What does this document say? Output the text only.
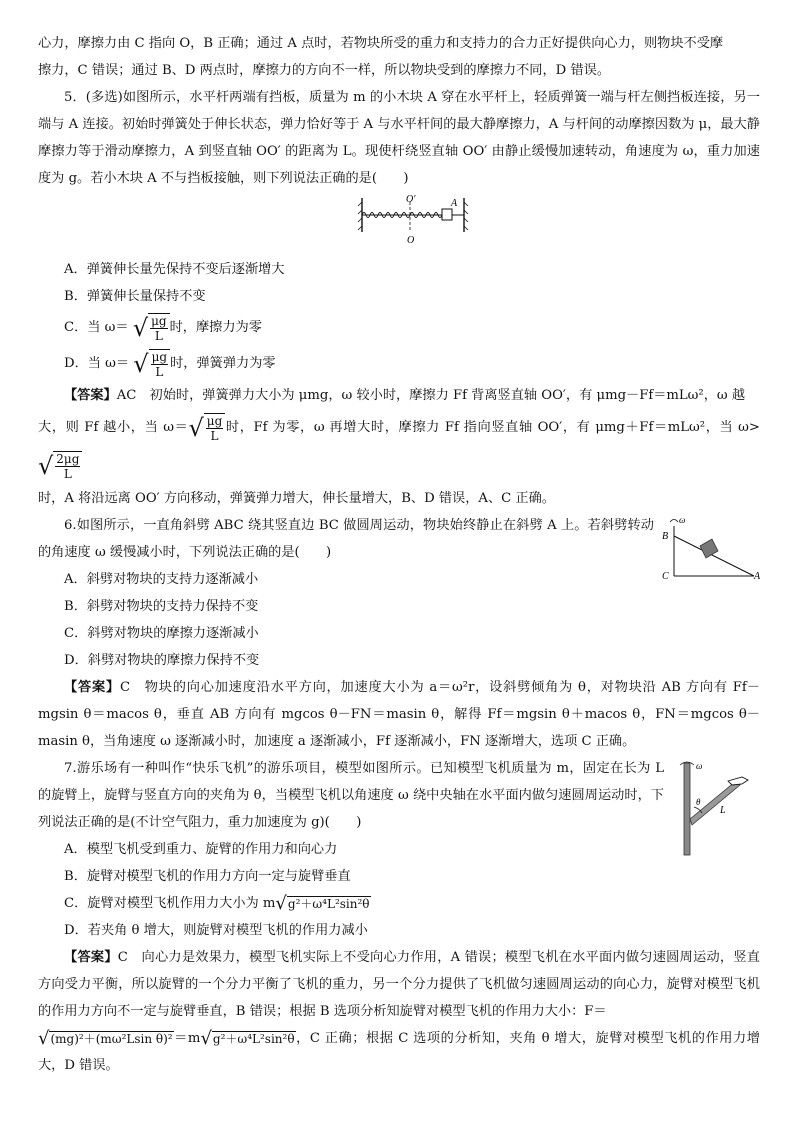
心力，摩擦力由 C 指向 O，B 正确；通过 A 点时，若物块所受的重力和支持力的合力正好提供向心力，则物块不受摩

擦力，C 错误；通过 B、D 两点时，摩擦力的方向不一样，所以物块受到的摩擦力不同，D 错误。

5．(多选)如图所示，水平杆两端有挡板，质量为 m 的小木块 A 穿在水平杆上，轻质弹簧一端与杆左侧挡板连接，另一端与 A 连接。初始时弹簧处于伸长状态，弹力恰好等于 A 与水平杆间的最大静摩擦力，A 与杆间的动摩擦因数为 μ，最大静摩擦力等于滑动摩擦力，A 到竖直轴 OO′ 的距离为 L。现使杆绕竖直轴 OO′ 由静止缓慢加速转动，角速度为 ω，重力加速度为 g。若小木块 A 不与挡板接触，则下列说法正确的是(　　)

O′
O
A

A．弹簧伸长量先保持不变后逐渐增大

B．弹簧伸长量保持不变

C．当 ω＝ √ $\frac{\mu g}{L}$ 时，摩擦力为零

D．当 ω＝ √ $\frac{\mu g}{L}$ 时，弹簧弹力为零

【答案】AC　初始时，弹簧弹力大小为 μmg，ω 较小时，摩擦力 Ff 背离竖直轴 OO′，有 μmg－Ff＝mLω²，ω 越

大，则 Ff 越小，当 ω＝ √ $\frac{\mu g}{L}$ 时，Ff 为零，ω 再增大时，摩擦力 Ff 指向竖直轴 OO′，有 μmg＋Ff＝mLω²，当 ω>
√ $\frac{2\mu g}{L}$

时，A 将沿远离 OO′ 方向移动，弹簧弹力增大，伸长量增大，B、D 错误，A、C 正确。

6.如图所示，一直角斜劈 ABC 绕其竖直边 BC 做圆周运动，物块始终静止在斜劈 A 上。若斜劈转动的角速度 ω 缓慢减小时，下列说法正确的是(　　)

A．斜劈对物块的支持力逐渐减小

B．斜劈对物块的支持力保持不变

C．斜劈对物块的摩擦力逐渐减小

D．斜劈对物块的摩擦力保持不变

ω
B
C	A

【答案】C　物块的向心加速度沿水平方向，加速度大小为 a＝ω²r，设斜劈倾角为 θ，对物块沿 AB 方向有 Ff－mgsin θ＝macos θ，垂直 AB 方向有 mgcos θ－FN＝masin θ，解得 Ff＝mgsin θ＋macos θ，FN＝mgcos θ－masin θ，当角速度 ω 逐渐减小时，加速度 a 逐渐减小，Ff 逐渐减小，FN 逐渐增大，选项 C 正确。

7.游乐场有一种叫作“快乐飞机”的游乐项目，模型如图所示。已知模型飞机质量为 m，固定在长为 L 的旋臂上，旋臂与竖直方向的夹角为 θ，当模型飞机以角速度 ω 绕中央轴在水平面内做匀速圆周运动时，下列说法正确的是(不计空气阻力，重力加速度为 g)(　　)

A．模型飞机受到重力、旋臂的作用力和向心力

B．旋臂对模型飞机的作用力方向一定与旋臂垂直

C．旋臂对模型飞机作用力大小为 m √ g²＋ω⁴L²sin²θ

D．若夹角 θ 增大，则旋臂对模型飞机的作用力减小

ω
θ
L

【答案】C　向心力是效果力，模型飞机实际上不受向心力作用，A 错误；模型飞机在水平面内做匀速圆周运动，竖直方向受力平衡，所以旋臂的一个分力平衡了飞机的重力，另一个分力提供了飞机做匀速圆周运动的向心力，旋臂对模型飞机的作用力方向不一定与旋臂垂直，B 错误；根据 B 选项分析知旋臂对模型飞机的作用力大小：F＝

√ (mg)²＋(mω²Lsin θ)² ＝m √ g²＋ω⁴L²sin²θ ，C 正确；根据 C 选项的分析知，夹角 θ 增大，旋臂对模型飞机的作用力增大，D 错误。
